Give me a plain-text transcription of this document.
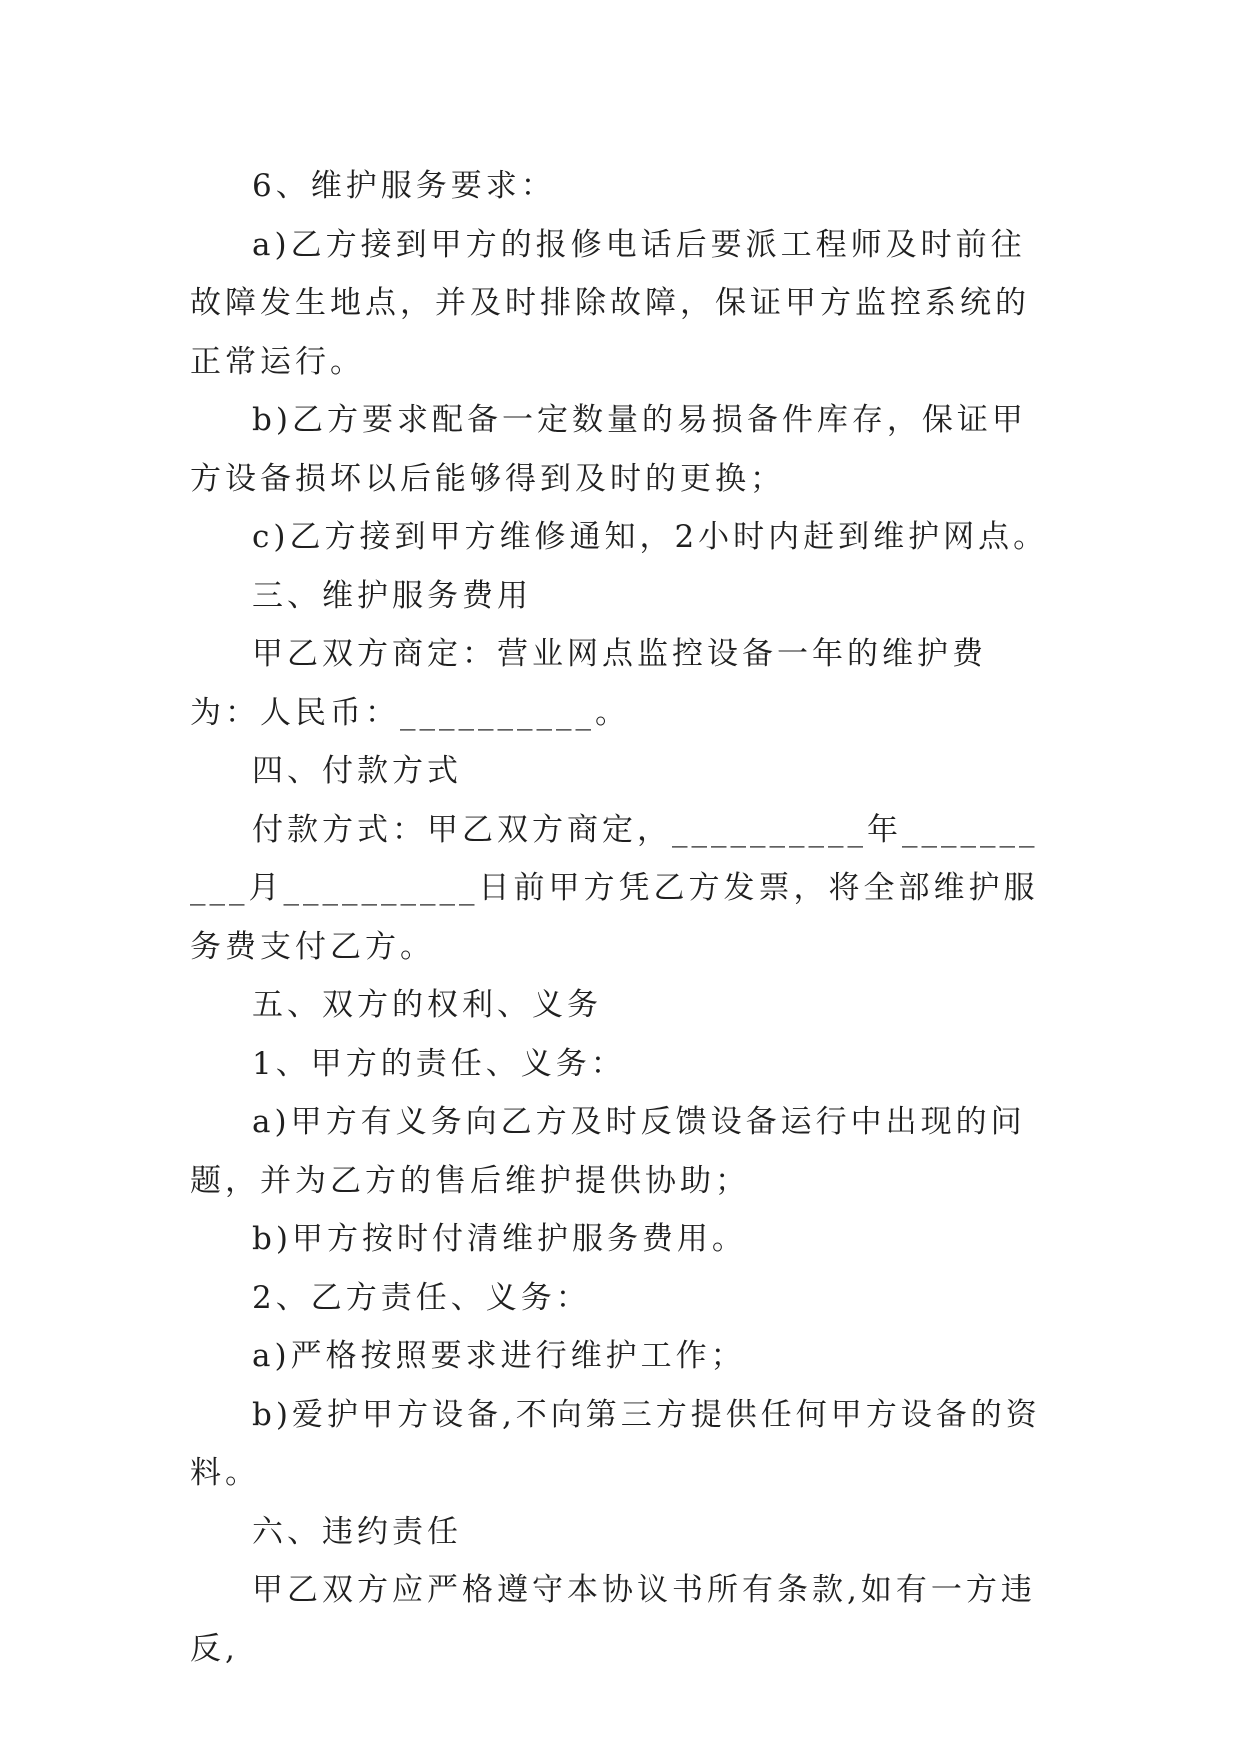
6、维护服务要求：

a)乙方接到甲方的报修电话后要派工程师及时前往故障发生地点，并及时排除故障，保证甲方监控系统的正常运行。

b)乙方要求配备一定数量的易损备件库存，保证甲方设备损坏以后能够得到及时的更换；

c)乙方接到甲方维修通知，2小时内赶到维护网点。

三、维护服务费用

甲乙双方商定：营业网点监控设备一年的维护费为：人民币：__________。

四、付款方式

付款方式：甲乙双方商定，__________年__________月__________日前甲方凭乙方发票，将全部维护服务费支付乙方。

五、双方的权利、义务

1、甲方的责任、义务：

a)甲方有义务向乙方及时反馈设备运行中出现的问题，并为乙方的售后维护提供协助；

b)甲方按时付清维护服务费用。

2、乙方责任、义务：

a)严格按照要求进行维护工作；

b)爱护甲方设备,不向第三方提供任何甲方设备的资料。

六、违约责任

甲乙双方应严格遵守本协议书所有条款,如有一方违反,
